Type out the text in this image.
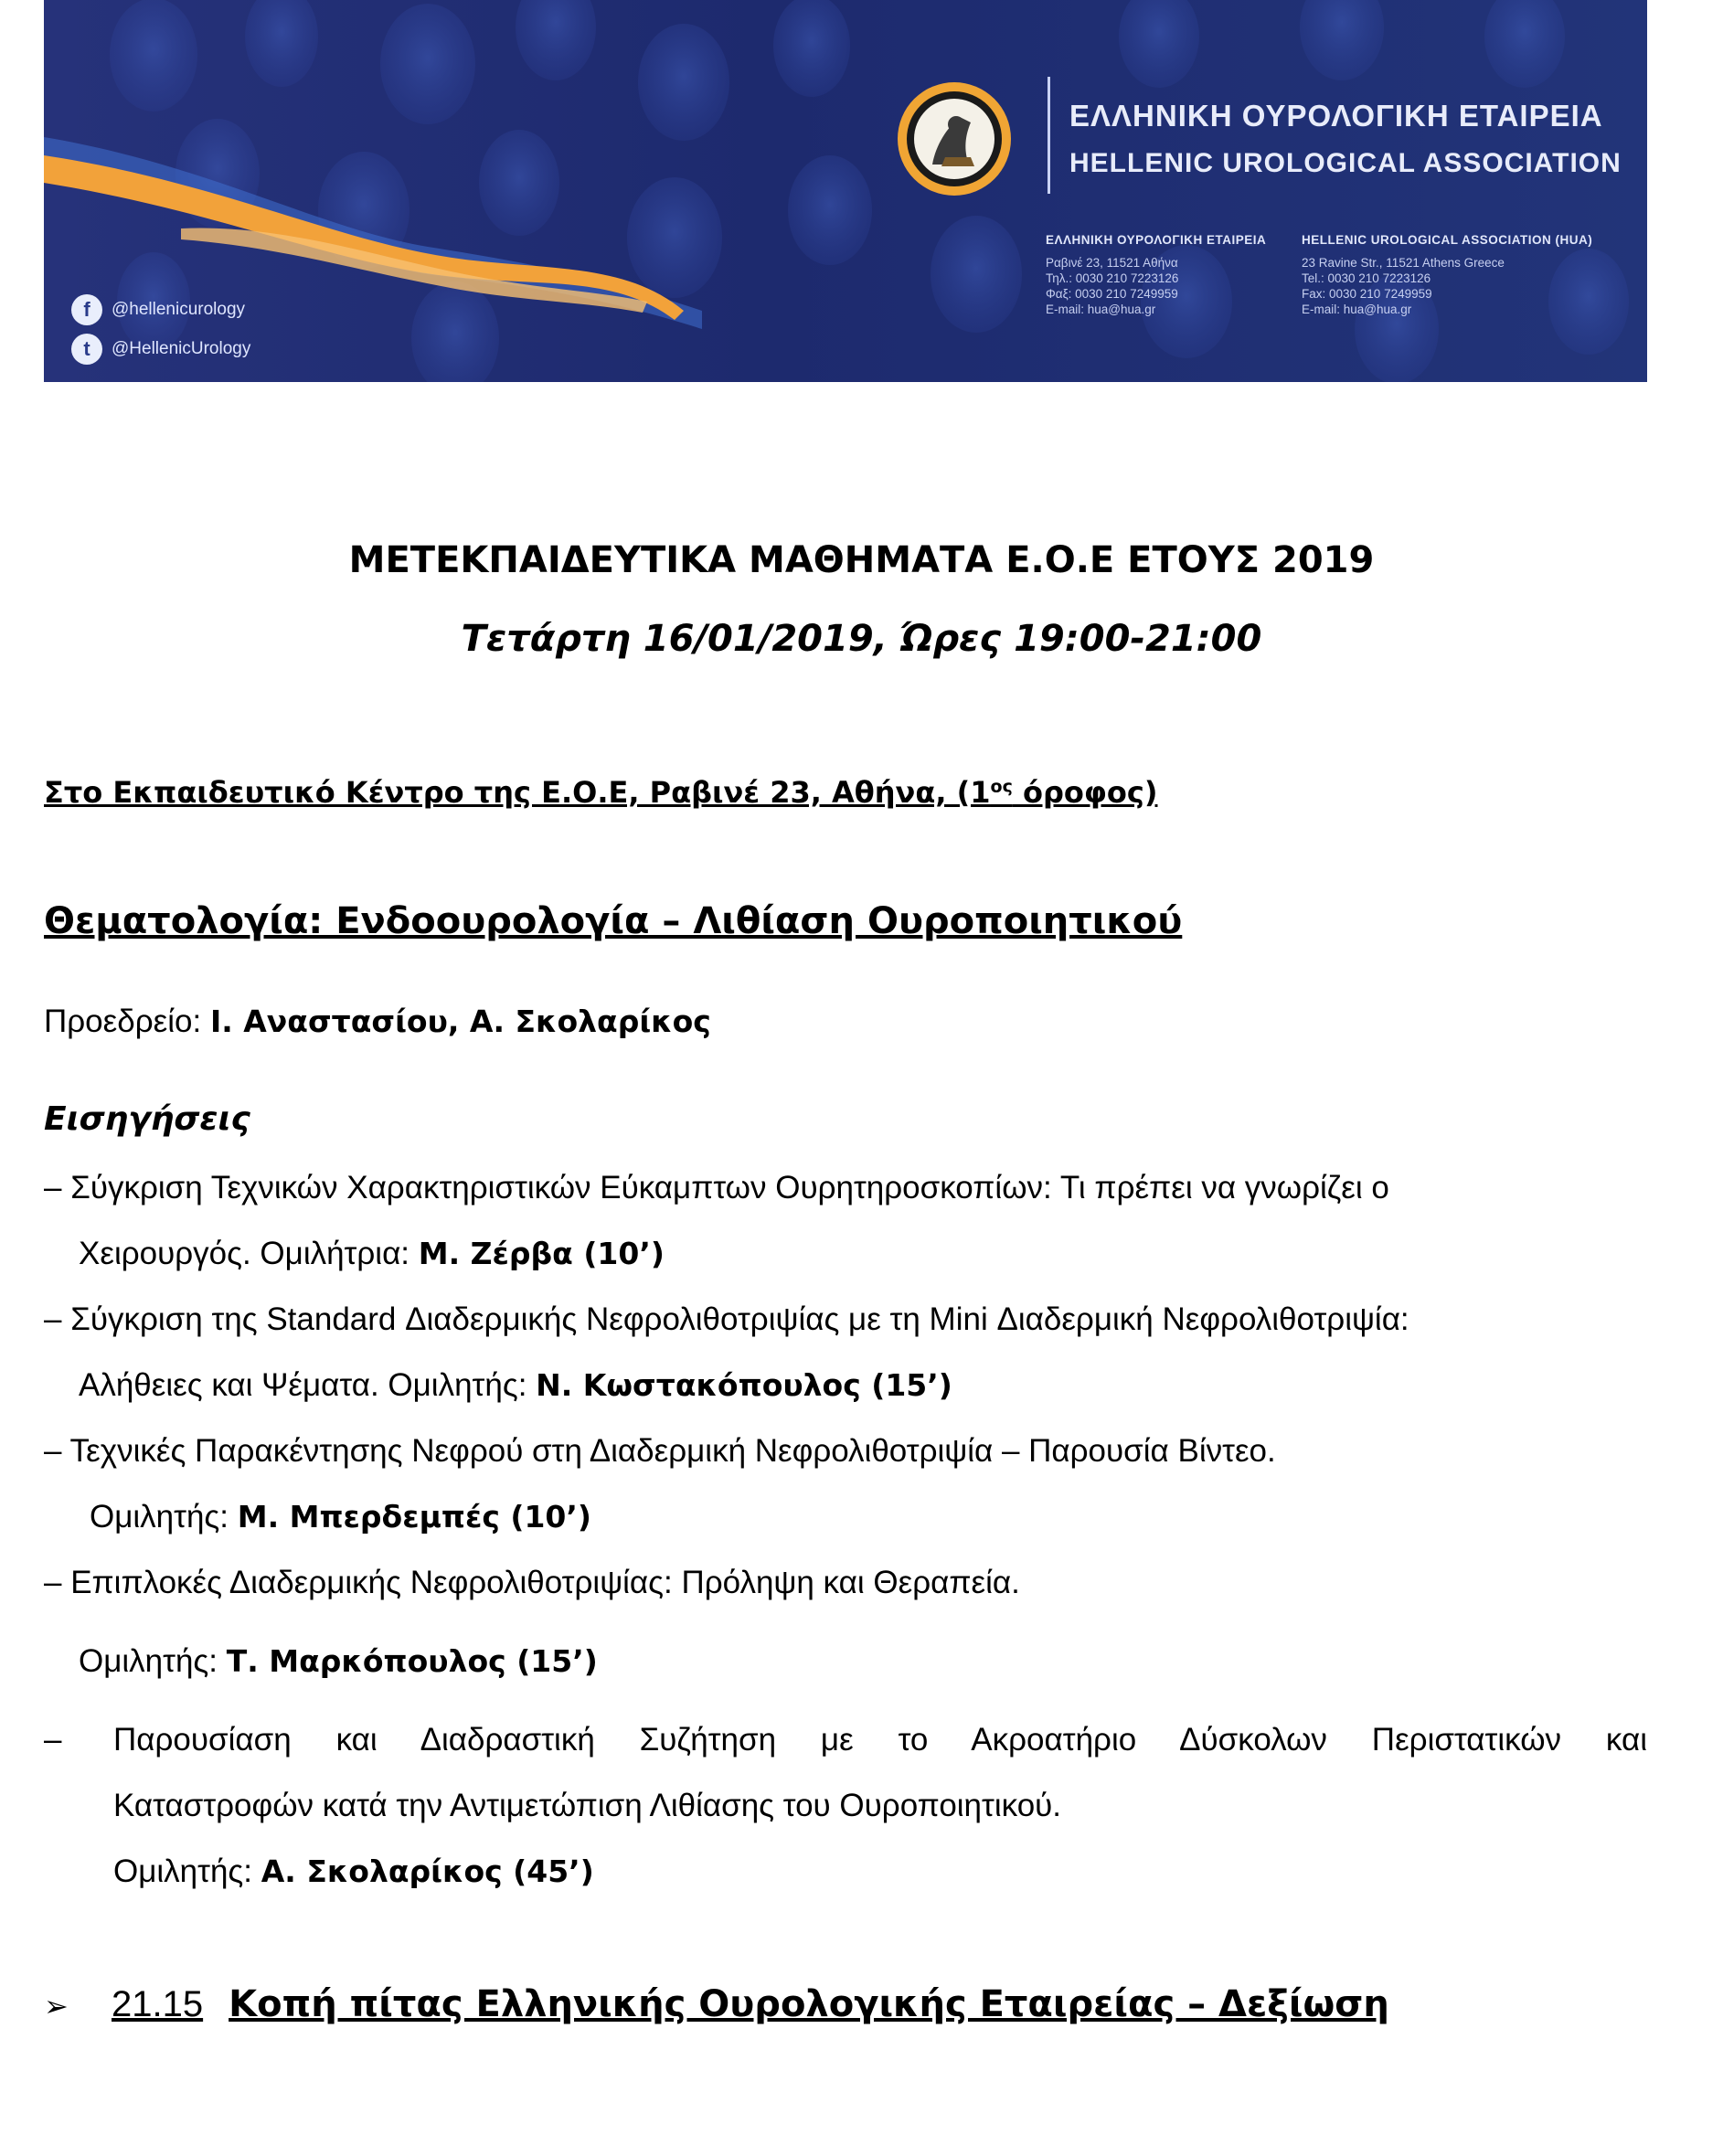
f	@hellenicurology
t	@HellenicUrology
ΕΛΛΗΝΙΚΗ ΟΥΡΟΛΟΓΙΚΗ ΕΤΑΙΡΕΙΑ
HELLENIC UROLOGICAL ASSOCIATION
ΕΛΛΗΝΙΚΗ ΟΥΡΟΛΟΓΙΚΗ ΕΤΑΙΡΕΙΑ
Ραβινέ 23, 11521 Αθήνα
Τηλ.: 0030 210 7223126
Φαξ: 0030 210 7249959
E-mail: hua@hua.gr
HELLENIC UROLOGICAL ASSOCIATION (HUA)
23 Ravine Str., 11521 Athens Greece
Tel.: 0030 210 7223126
Fax: 0030 210 7249959
E-mail: hua@hua.gr
ΜΕΤΕΚΠΑΙΔΕΥΤΙΚΑ ΜΑΘΗΜΑΤΑ Ε.Ο.Ε ΕΤΟΥΣ 2019
Τετάρτη 16/01/2019, Ώρες 19:00-21:00
Στο Εκπαιδευτικό Κέντρο της Ε.Ο.Ε, Ραβινέ 23, Αθήνα, ($1^{o\varsigma}$ όροφος)
Θεματολογία: Ενδοουρολογία – Λιθίαση Ουροποιητικού
Προεδρείο: Ι. Αναστασίου, Α. Σκολαρίκος
Εισηγήσεις
– Σύγκριση Τεχνικών Χαρακτηριστικών Εύκαμπτων Ουρητηροσκοπίων: Τι πρέπει να γνωρίζει ο
Χειρουργός. Ομιλήτρια: Μ. Ζέρβα (10’)
– Σύγκριση της Standard Διαδερμικής Νεφρολιθοτριψίας με τη Mini Διαδερμική Νεφρολιθοτριψία:
Αλήθειες και Ψέματα. Ομιλητής: Ν. Κωστακόπουλος (15’)
– Τεχνικές Παρακέντησης Νεφρού στη Διαδερμική Νεφρολιθοτριψία – Παρουσία Βίντεο.
Ομιλητής: Μ. Μπερδεμπές (10’)
– Επιπλοκές Διαδερμικής Νεφρολιθοτριψίας: Πρόληψη και Θεραπεία.
Ομιλητής: Τ. Μαρκόπουλος (15’)
– Παρουσίαση και Διαδραστική Συζήτηση με το Ακροατήριο Δύσκολων Περιστατικών και
Καταστροφών κατά την Αντιμετώπιση Λιθίασης του Ουροποιητικού.
Ομιλητής: Α. Σκολαρίκος (45’)
➢ 21.15 Κοπή πίτας Ελληνικής Ουρολογικής Εταιρείας – Δεξίωση
